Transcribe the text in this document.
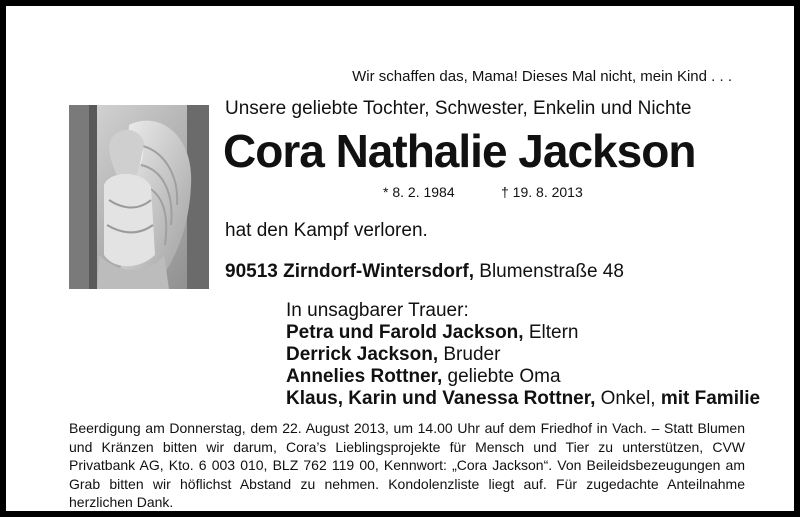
Wir schaffen das, Mama! Dieses Mal nicht, mein Kind . . .
Unsere geliebte Tochter, Schwester, Enkelin und Nichte
Cora Nathalie Jackson
* 8. 2. 1984	† 19. 8. 2013
hat den Kampf verloren.
90513 Zirndorf-Wintersdorf, Blumenstraße 48
In unsagbarer Trauer:
Petra und Farold Jackson, Eltern
Derrick Jackson, Bruder
Annelies Rottner, geliebte Oma
Klaus, Karin und Vanessa Rottner, Onkel, mit Familie
Beerdigung am Donnerstag, dem 22. August 2013, um 14.00 Uhr auf dem Friedhof in Vach. – Statt Blumen und Kränzen bitten wir darum, Cora’s Lieblingsprojekte für Mensch und Tier zu unterstützen, CVW Privatbank AG, Kto. 6 003 010, BLZ 762 119 00, Kennwort: „Cora Jackson“. Von Beileidsbezeugungen am Grab bitten wir höflichst Abstand zu nehmen. Kondolenzliste liegt auf. Für zugedachte Anteilnahme herzlichen Dank.
